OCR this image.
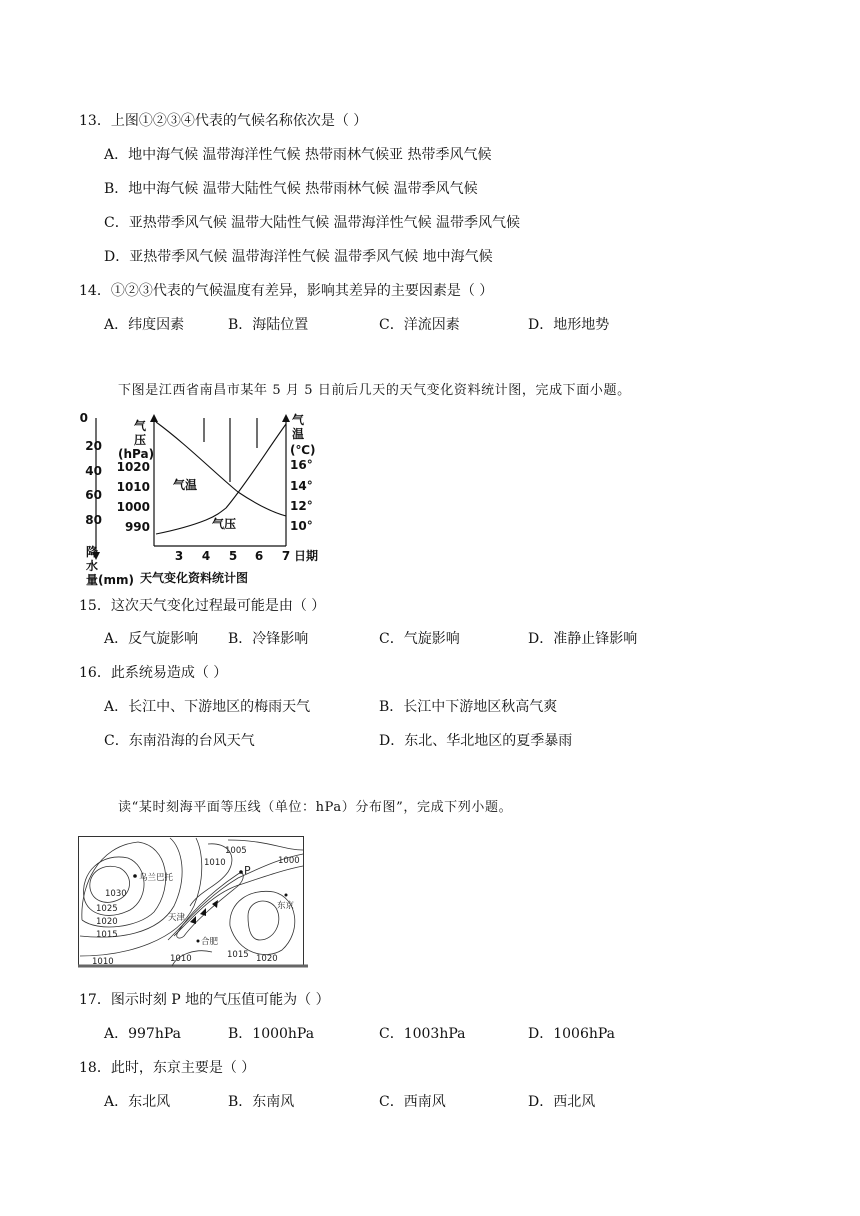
13．上图①②③④代表的气候名称依次是（ ）
A．地中海气候 温带海洋性气候 热带雨林气候亚 热带季风气候
B．地中海气候 温带大陆性气候 热带雨林气候 温带季风气候
C．亚热带季风气候 温带大陆性气候 温带海洋性气候 温带季风气候
D．亚热带季风气候 温带海洋性气候 温带季风气候 地中海气候
14．①②③代表的气候温度有差异，影响其差异的主要因素是（ ）
A．纬度因素	B．海陆位置	C．洋流因素	D．地形地势
下图是江西省南昌市某年 5 月 5 日前后几天的天气变化资料统计图，完成下面小题。
0
20
40
60
80
降
水
量(mm)
气
压
(hPa)
1020
1010
1000
990
气
温
(℃)
16°
14°
12°
10°
3 4 5 6 7 日期
气温
气压
天气变化资料统计图
15．这次天气变化过程最可能是由（ ）
A．反气旋影响 B．冷锋影响	C．气旋影响	D．准静止锋影响
16．此系统易造成（ ）
A．长江中、下游地区的梅雨天气	B．长江中下游地区秋高气爽
C．东南沿海的台风天气	D．东北、华北地区的夏季暴雨
读“某时刻海平面等压线（单位：hPa）分布图”，完成下列小题。
1005
1000
1010
1030
1025
1020
1015
1020
1015
1010
1010
乌兰巴托
天津
东京
合肥
P
17．图示时刻 P 地的气压值可能为（ ）
A．997hPa	B．1000hPa	C．1003hPa	D．1006hPa
18．此时，东京主要是（ ）
A．东北风	B．东南风	C．西南风	D．西北风
